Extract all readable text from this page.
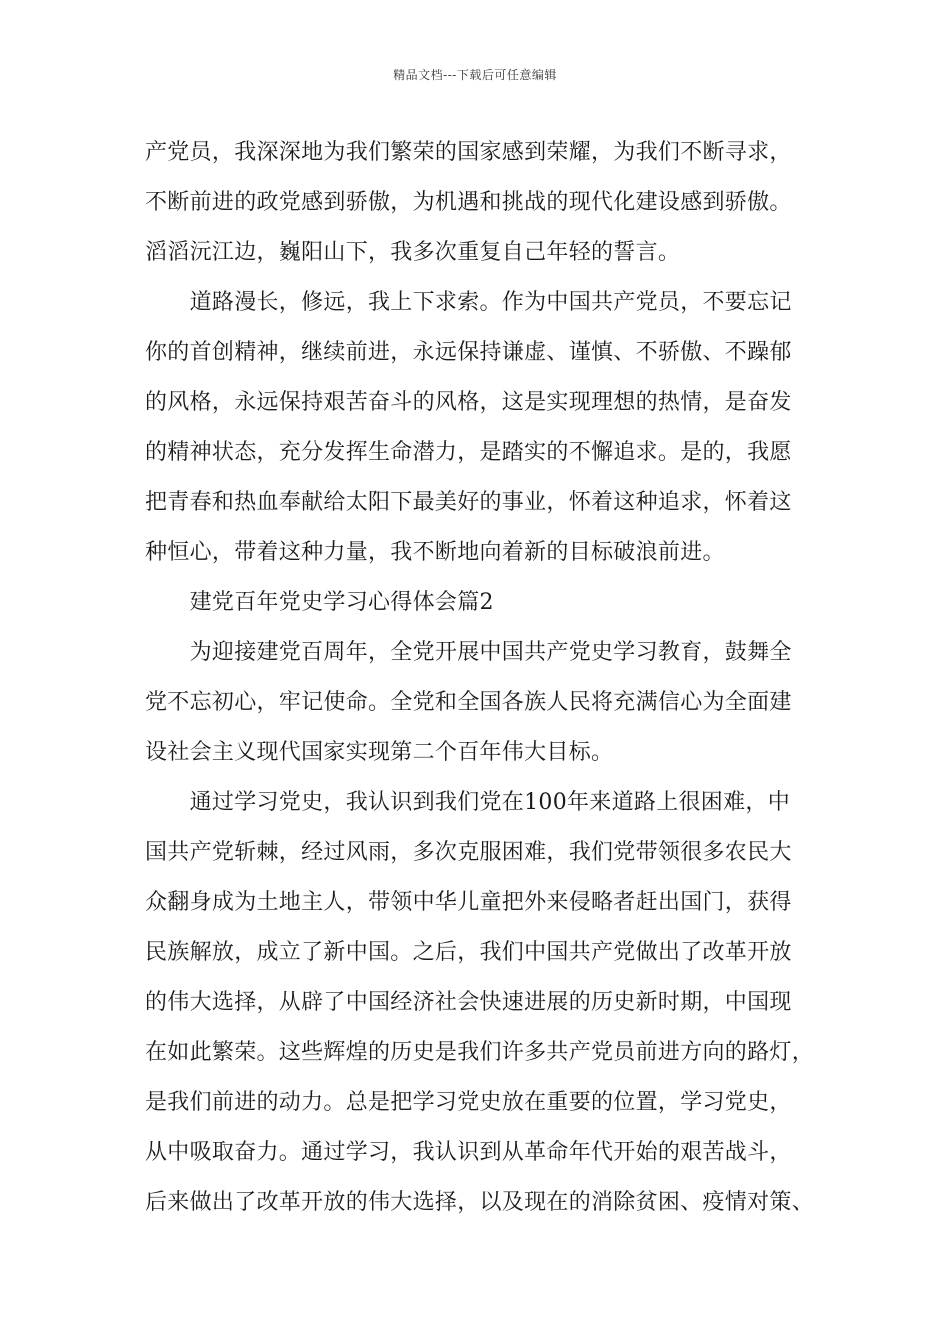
精品文档---下载后可任意编辑
产党员，我深深地为我们繁荣的国家感到荣耀，为我们不断寻求，
不断前进的政党感到骄傲，为机遇和挑战的现代化建设感到骄傲。
滔滔沅江边，巍阳山下，我多次重复自己年轻的誓言。
　　道路漫长，修远，我上下求索。作为中国共产党员，不要忘记
你的首创精神，继续前进，永远保持谦虚、谨慎、不骄傲、不躁郁
的风格，永远保持艰苦奋斗的风格，这是实现理想的热情，是奋发
的精神状态，充分发挥生命潜力，是踏实的不懈追求。是的，我愿
把青春和热血奉献给太阳下最美好的事业，怀着这种追求，怀着这
种恒心，带着这种力量，我不断地向着新的目标破浪前进。
　　建党百年党史学习心得体会篇2
　　为迎接建党百周年，全党开展中国共产党史学习教育，鼓舞全
党不忘初心，牢记使命。全党和全国各族人民将充满信心为全面建
设社会主义现代国家实现第二个百年伟大目标。
　　通过学习党史，我认识到我们党在100年来道路上很困难，中
国共产党斩棘，经过风雨，多次克服困难，我们党带领很多农民大
众翻身成为土地主人，带领中华儿童把外来侵略者赶出国门，获得
民族解放，成立了新中国。之后，我们中国共产党做出了改革开放
的伟大选择，从辟了中国经济社会快速进展的历史新时期，中国现
在如此繁荣。这些辉煌的历史是我们许多共产党员前进方向的路灯，
是我们前进的动力。总是把学习党史放在重要的位置，学习党史，
从中吸取奋力。通过学习，我认识到从革命年代开始的艰苦战斗，
后来做出了改革开放的伟大选择，以及现在的消除贫困、疫情对策、
